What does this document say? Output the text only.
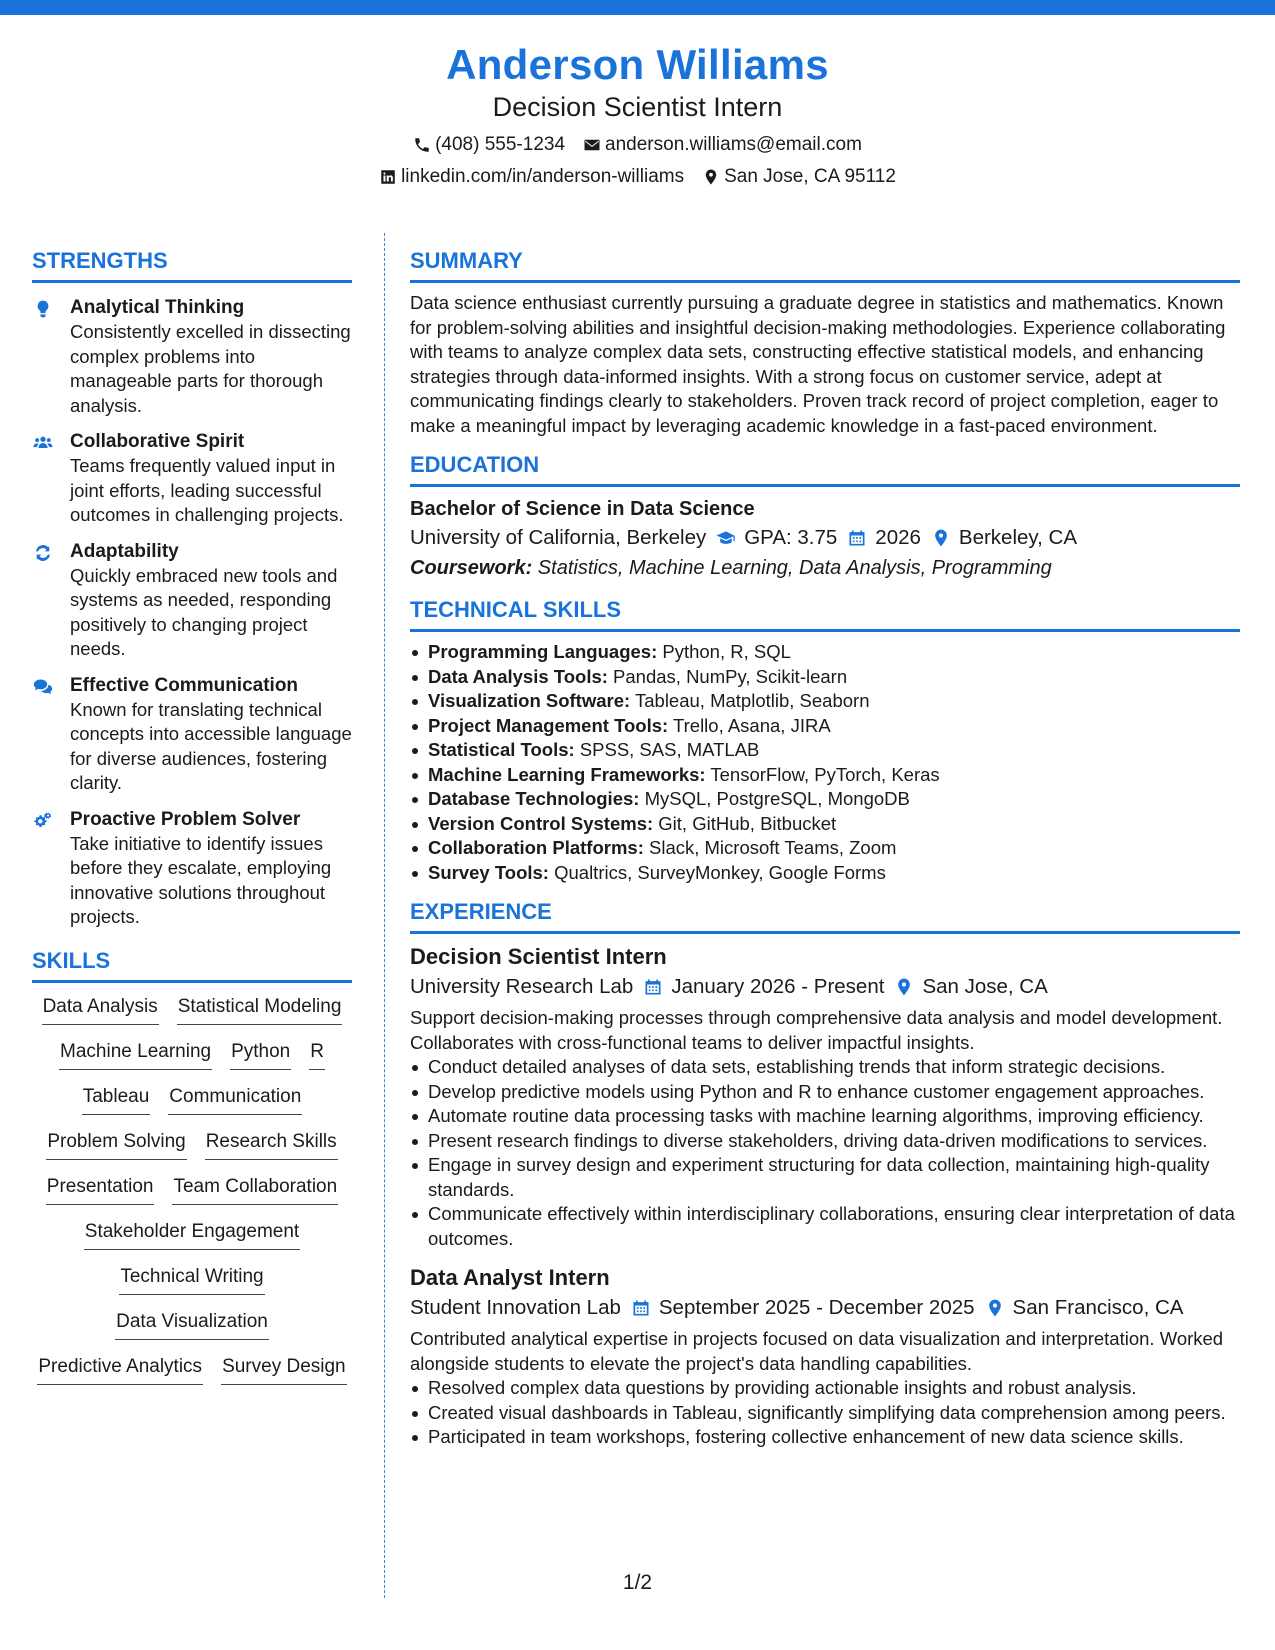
Anderson Williams
Decision Scientist Intern
(408) 555-1234 anderson.williams@email.com
linkedin.com/in/anderson-williams San Jose, CA 95112
STRENGTHS
Analytical Thinking
Consistently excelled in dissecting complex problems into manageable parts for thorough analysis.
Collaborative Spirit
Teams frequently valued input in joint efforts, leading successful outcomes in challenging projects.
Adaptability
Quickly embraced new tools and systems as needed, responding positively to changing project needs.
Effective Communication
Known for translating technical concepts into accessible language for diverse audiences, fostering clarity.
Proactive Problem Solver
Take initiative to identify issues before they escalate, employing innovative solutions throughout projects.
SKILLS
Data Analysis Statistical Modeling
Machine Learning Python R
Tableau Communication
Problem Solving Research Skills
Presentation Team Collaboration
Stakeholder Engagement
Technical Writing
Data Visualization
Predictive Analytics Survey Design
SUMMARY
Data science enthusiast currently pursuing a graduate degree in statistics and mathematics. Known for problem-solving abilities and insightful decision-making methodologies. Experience collaborating with teams to analyze complex data sets, constructing effective statistical models, and enhancing strategies through data-informed insights. With a strong focus on customer service, adept at communicating findings clearly to stakeholders. Proven track record of project completion, eager to make a meaningful impact by leveraging academic knowledge in a fast-paced environment.
EDUCATION
Bachelor of Science in Data Science
University of California, Berkeley GPA: 3.75 2026 Berkeley, CA
Coursework: Statistics, Machine Learning, Data Analysis, Programming
TECHNICAL SKILLS
Programming Languages: Python, R, SQL
Data Analysis Tools: Pandas, NumPy, Scikit-learn
Visualization Software: Tableau, Matplotlib, Seaborn
Project Management Tools: Trello, Asana, JIRA
Statistical Tools: SPSS, SAS, MATLAB
Machine Learning Frameworks: TensorFlow, PyTorch, Keras
Database Technologies: MySQL, PostgreSQL, MongoDB
Version Control Systems: Git, GitHub, Bitbucket
Collaboration Platforms: Slack, Microsoft Teams, Zoom
Survey Tools: Qualtrics, SurveyMonkey, Google Forms
EXPERIENCE
Decision Scientist Intern
University Research Lab January 2026 - Present San Jose, CA
Support decision-making processes through comprehensive data analysis and model development. Collaborates with cross-functional teams to deliver impactful insights.
Conduct detailed analyses of data sets, establishing trends that inform strategic decisions.
Develop predictive models using Python and R to enhance customer engagement approaches.
Automate routine data processing tasks with machine learning algorithms, improving efficiency.
Present research findings to diverse stakeholders, driving data-driven modifications to services.
Engage in survey design and experiment structuring for data collection, maintaining high-quality standards.
Communicate effectively within interdisciplinary collaborations, ensuring clear interpretation of data outcomes.
Data Analyst Intern
Student Innovation Lab September 2025 - December 2025 San Francisco, CA
Contributed analytical expertise in projects focused on data visualization and interpretation. Worked alongside students to elevate the project's data handling capabilities.
Resolved complex data questions by providing actionable insights and robust analysis.
Created visual dashboards in Tableau, significantly simplifying data comprehension among peers.
Participated in team workshops, fostering collective enhancement of new data science skills.
1/2
